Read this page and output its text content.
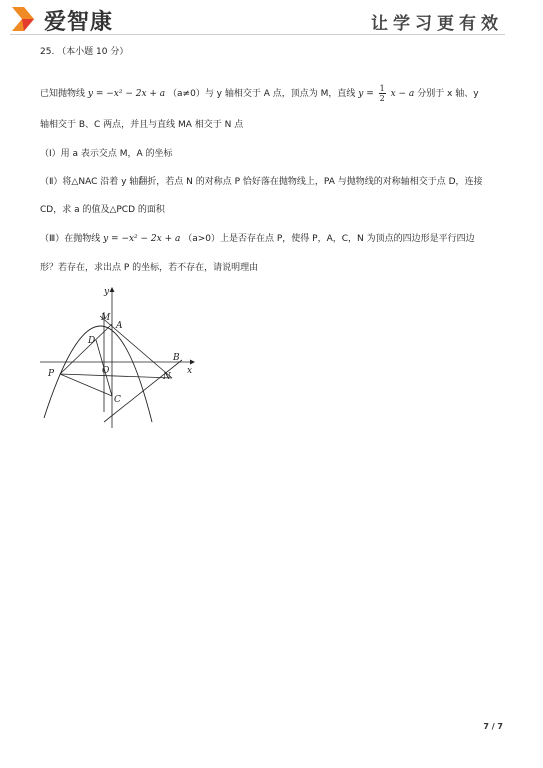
爱智康	让学习更有效
25. （本小题 10 分）
已知抛物线 y = −x² − 2x + a （a≠0）与 y 轴相交于 A 点，顶点为 M，直线 $y = \frac{1}{2}$ x − a 分别于 x 轴、y
轴相交于 B、C 两点，并且与直线 MA 相交于 N 点
（Ⅰ）用 a 表示交点 M，A 的坐标
（Ⅱ）将△NAC 沿着 y 轴翻折，若点 N 的对称点 P 恰好落在抛物线上，PA 与抛物线的对称轴相交于点 D，连接
CD，求 a 的值及△PCD 的面积
（Ⅲ）在抛物线 y = −x² − 2x + a （a>0）上是否存在点 P，使得 P，A，C，N 为顶点的四边形是平行四边
形？若存在，求出点 P 的坐标，若不存在，请说明理由
y
x
M
A
D
B
N
P	O
C
7 / 7
